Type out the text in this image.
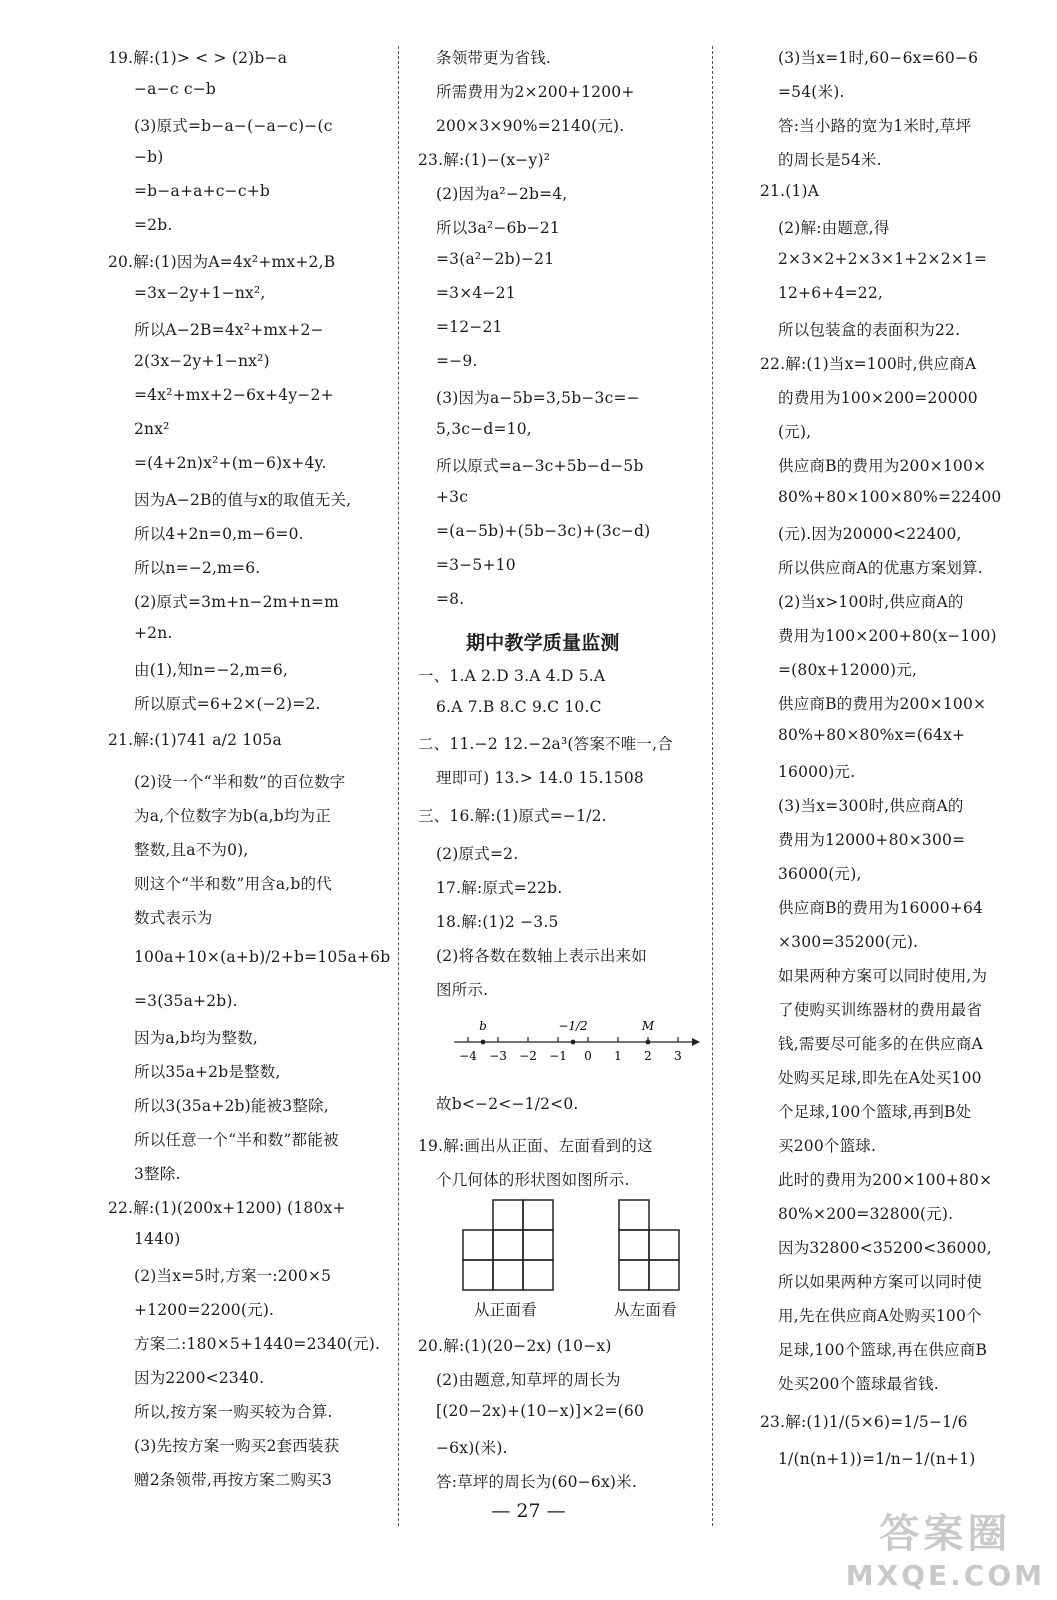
19.解:(1)> < > (2)b−a
−a−c c−b
(3)原式=b−a−(−a−c)−(c
−b)
=b−a+a+c−c+b
=2b.
20.解:(1)因为A=4x²+mx+2,B
=3x−2y+1−nx²,
所以A−2B=4x²+mx+2−
2(3x−2y+1−nx²)
=4x²+mx+2−6x+4y−2+
2nx²
=(4+2n)x²+(m−6)x+4y.
因为A−2B的值与x的取值无关,
所以4+2n=0,m−6=0.
所以n=−2,m=6.
(2)原式=3m+n−2m+n=m
+2n.
由(1),知n=−2,m=6,
所以原式=6+2×(−2)=2.
21.解:(1)741 a/2 105a
(2)设一个“半和数”的百位数字
为a,个位数字为b(a,b均为正
整数,且a不为0),
则这个“半和数”用含a,b的代
数式表示为
100a+10×(a+b)/2+b=105a+6b
=3(35a+2b).
因为a,b均为整数,
所以35a+2b是整数,
所以3(35a+2b)能被3整除,
所以任意一个“半和数”都能被
3整除.
22.解:(1)(200x+1200) (180x+
1440)
(2)当x=5时,方案一:200×5
+1200=2200(元).
方案二:180×5+1440=2340(元).
因为2200<2340.
所以,按方案一购买较为合算.
(3)先按方案一购买2套西装获
赠2条领带,再按方案二购买3
条领带更为省钱.
所需费用为2×200+1200+
200×3×90%=2140(元).
23.解:(1)−(x−y)²
(2)因为a²−2b=4,
所以3a²−6b−21
=3(a²−2b)−21
=3×4−21
=12−21
=−9.
(3)因为a−5b=3,5b−3c=−
5,3c−d=10,
所以原式=a−3c+5b−d−5b
+3c
=(a−5b)+(5b−3c)+(3c−d)
=3−5+10
=8.
期中教学质量监测
一、1.A 2.D 3.A 4.D 5.A
6.A 7.B 8.C 9.C 10.C
二、11.−2 12.−2a³(答案不唯一,合
理即可) 13.> 14.0 15.1508
三、16.解:(1)原式=−1/2.
(2)原式=2.
17.解:原式=22b.
18.解:(1)2 −3.5
(2)将各数在数轴上表示出来如
图所示.
−4 −3 −2 −1 0 1 2 3
b	−1/2	M
故b<−2<−1/2<0.
19.解:画出从正面、左面看到的这
个几何体的形状图如图所示.
从正面看	从左面看
20.解:(1)(20−2x) (10−x)
(2)由题意,知草坪的周长为
[(20−2x)+(10−x)]×2=(60
−6x)(米).
答:草坪的周长为(60−6x)米.
(3)当x=1时,60−6x=60−6
=54(米).
答:当小路的宽为1米时,草坪
的周长是54米.
21.(1)A
(2)解:由题意,得
2×3×2+2×3×1+2×2×1=
12+6+4=22,
所以包装盒的表面积为22.
22.解:(1)当x=100时,供应商A
的费用为100×200=20000
(元),
供应商B的费用为200×100×
80%+80×100×80%=22400
(元).因为20000<22400,
所以供应商A的优惠方案划算.
(2)当x>100时,供应商A的
费用为100×200+80(x−100)
=(80x+12000)元,
供应商B的费用为200×100×
80%+80×80%x=(64x+
16000)元.
(3)当x=300时,供应商A的
费用为12000+80×300=
36000(元),
供应商B的费用为16000+64
×300=35200(元).
如果两种方案可以同时使用,为
了使购买训练器材的费用最省
钱,需要尽可能多的在供应商A
处购买足球,即先在A处买100
个足球,100个篮球,再到B处
买200个篮球.
此时的费用为200×100+80×
80%×200=32800(元).
因为32800<35200<36000,
所以如果两种方案可以同时使
用,先在供应商A处购买100个
足球,100个篮球,再在供应商B
处买200个篮球最省钱.
23.解:(1)1/(5×6)=1/5−1/6
1/(n(n+1))=1/n−1/(n+1)
— 27 —	答案圈
MXQE.COM
